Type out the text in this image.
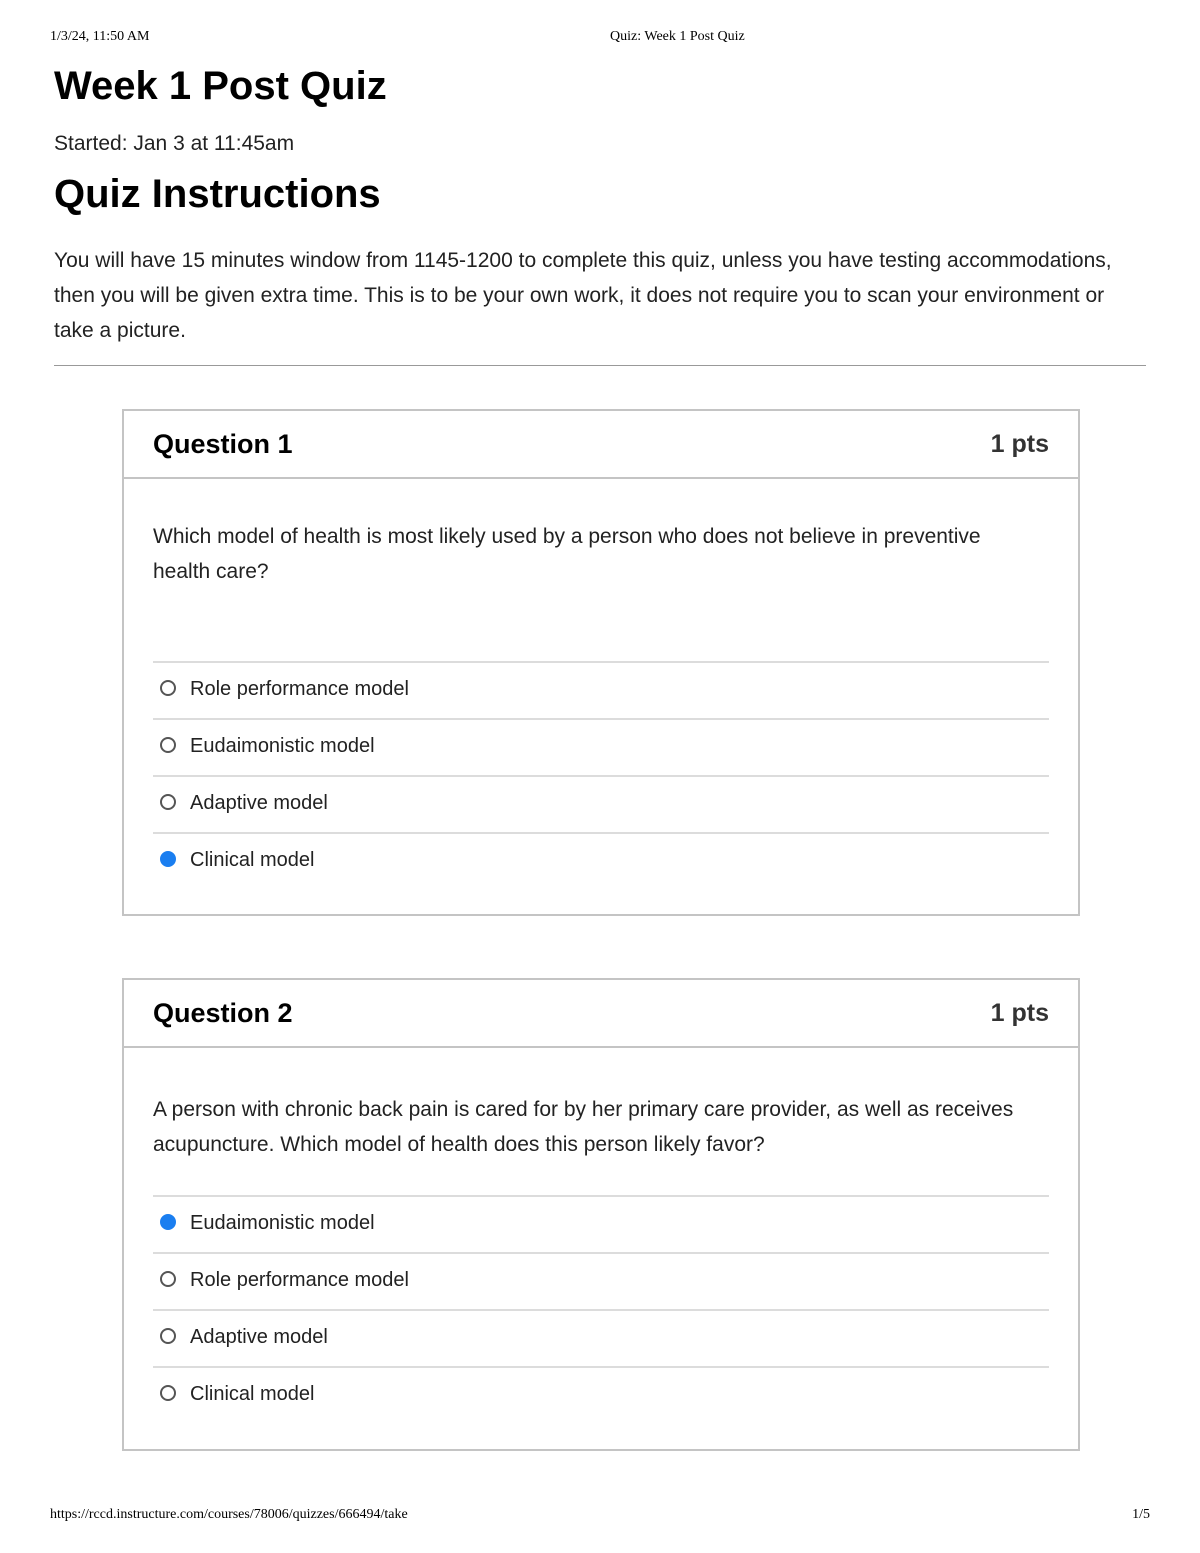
1/3/24, 11:50 AM	Quiz: Week 1 Post Quiz
Week 1 Post Quiz
Started: Jan 3 at 11:45am
Quiz Instructions

You will have 15 minutes window from 1145-1200 to complete this quiz, unless you have testing accommodations, then you will be given extra time. This is to be your own work, it does not require you to scan your environment or take a picture.

Question 1	1 pts

Which model of health is most likely used by a person who does not believe in preventive health care?

Role performance model
Eudaimonistic model
Adaptive model
Clinical model
Question 2	1 pts

A person with chronic back pain is cared for by her primary care provider, as well as receives acupuncture. Which model of health does this person likely favor?

Eudaimonistic model
Role performance model
Adaptive model
Clinical model
https://rccd.instructure.com/courses/78006/quizzes/666494/take	1/5
